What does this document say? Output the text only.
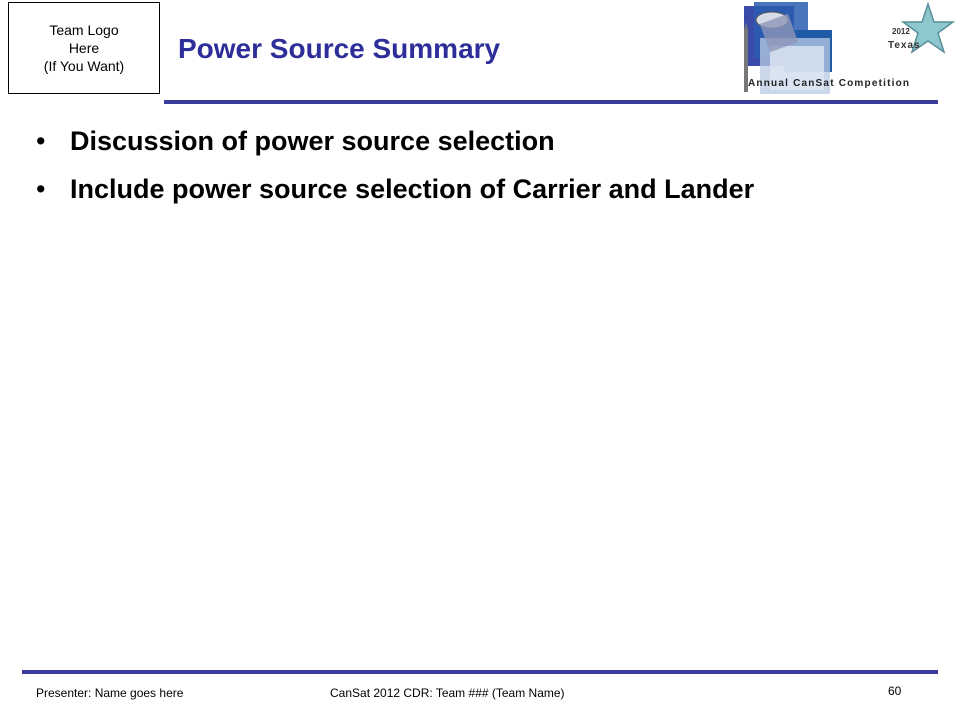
Team Logo
Here
(If You Want)
Power Source Summary
2012
Texas
Annual CanSat Competition
• Discussion of power source selection
• Include power source selection of Carrier and Lander
Presenter: Name goes here	CanSat 2012 CDR: Team ### (Team Name)	60
